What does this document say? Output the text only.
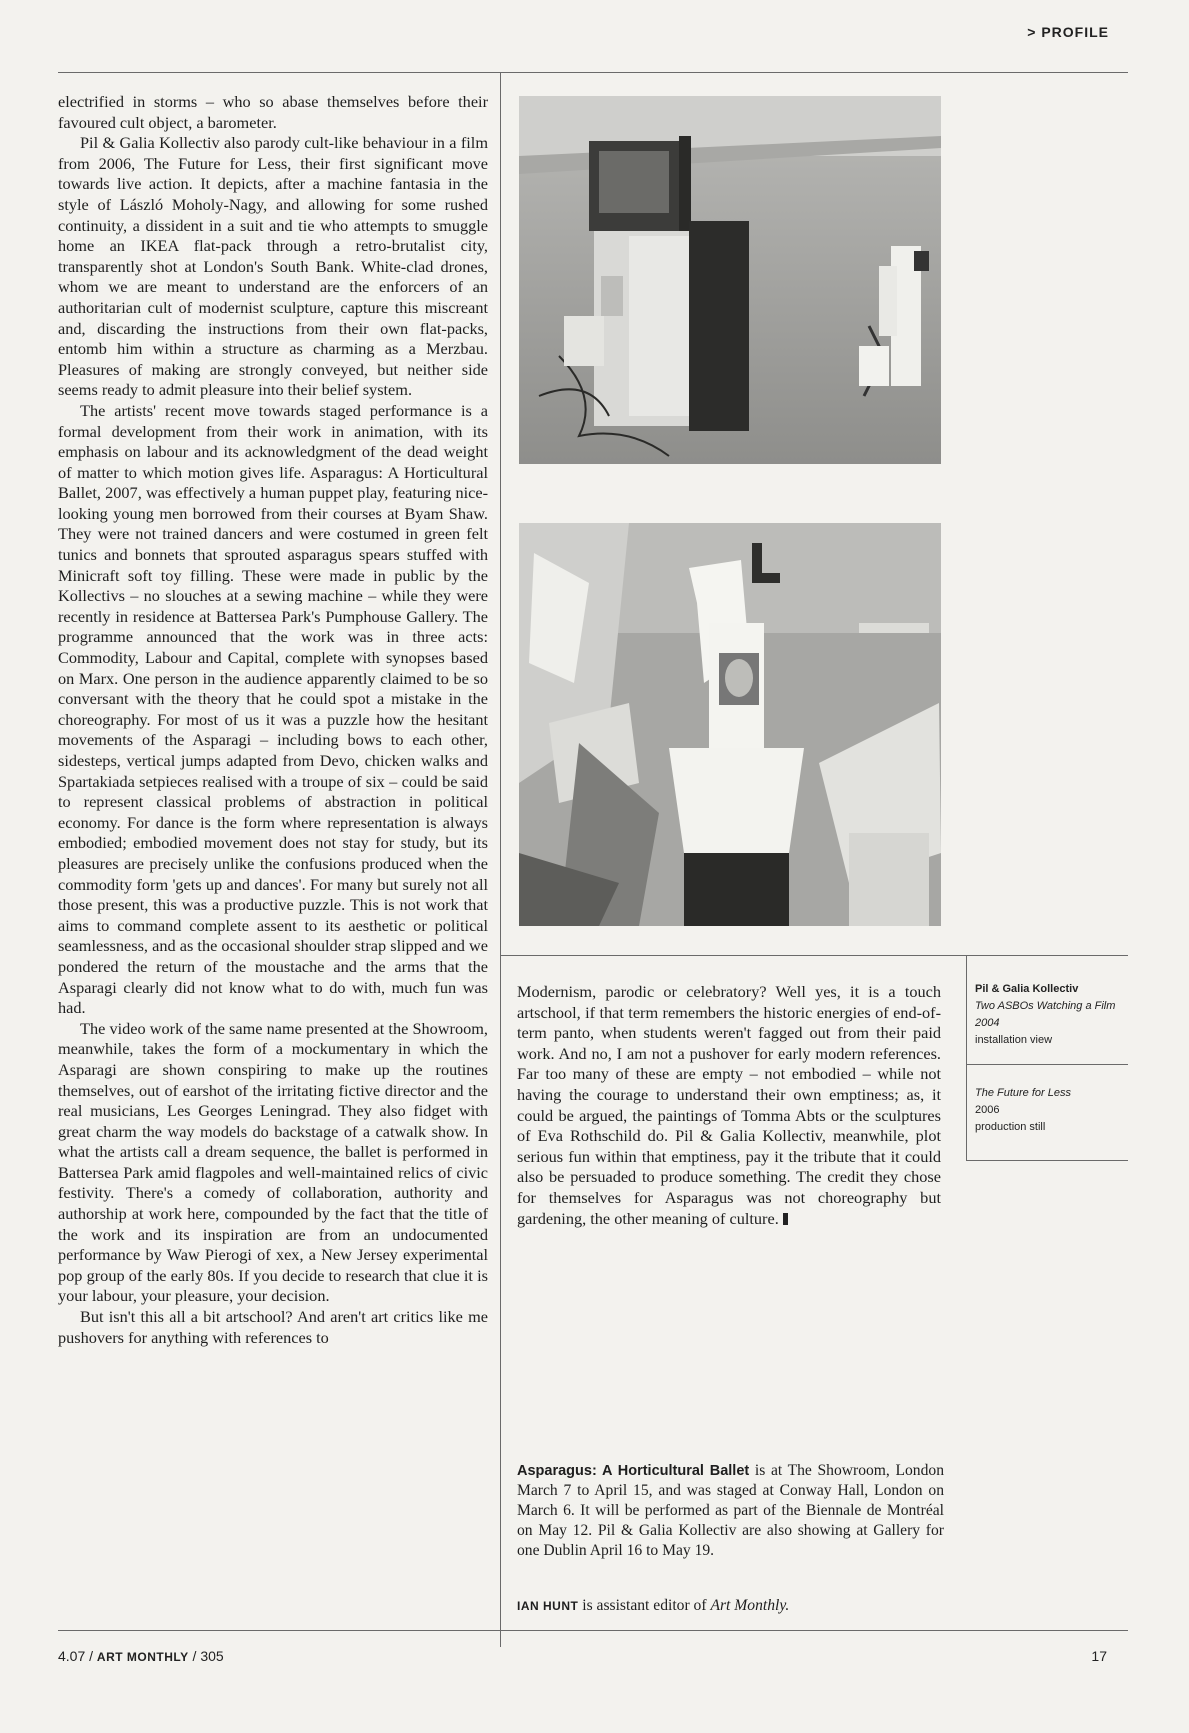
> PROFILE

electrified in storms – who so abase themselves before their favoured cult object, a barometer.

Pil & Galia Kollectiv also parody cult-like behaviour in a film from 2006, The Future for Less, their first significant move towards live action. It depicts, after a machine fantasia in the style of László Moholy-Nagy, and allowing for some rushed continuity, a dissident in a suit and tie who attempts to smuggle home an IKEA flat-pack through a retro-brutalist city, transparently shot at London's South Bank. White-clad drones, whom we are meant to understand are the enforcers of an authoritarian cult of modernist sculpture, capture this miscreant and, discarding the instructions from their own flat-packs, entomb him within a structure as charming as a Merzbau. Pleasures of making are strongly conveyed, but neither side seems ready to admit pleasure into their belief system.

The artists' recent move towards staged performance is a formal development from their work in animation, with its emphasis on labour and its acknowledgment of the dead weight of matter to which motion gives life. Asparagus: A Horticultural Ballet, 2007, was effectively a human puppet play, featuring nice-looking young men borrowed from their courses at Byam Shaw. They were not trained dancers and were costumed in green felt tunics and bonnets that sprouted asparagus spears stuffed with Minicraft soft toy filling. These were made in public by the Kollectivs – no slouches at a sewing machine – while they were recently in residence at Battersea Park's Pumphouse Gallery. The programme announced that the work was in three acts: Commodity, Labour and Capital, complete with synopses based on Marx. One person in the audience apparently claimed to be so conversant with the theory that he could spot a mistake in the choreography. For most of us it was a puzzle how the hesitant movements of the Asparagi – including bows to each other, sidesteps, vertical jumps adapted from Devo, chicken walks and Spartakiada setpieces realised with a troupe of six – could be said to represent classical problems of abstraction in political economy. For dance is the form where representation is always embodied; embodied movement does not stay for study, but its pleasures are precisely unlike the confusions produced when the commodity form 'gets up and dances'. For many but surely not all those present, this was a productive puzzle. This is not work that aims to command complete assent to its aesthetic or political seamlessness, and as the occasional shoulder strap slipped and we pondered the return of the moustache and the arms that the Asparagi clearly did not know what to do with, much fun was had.

The video work of the same name presented at the Showroom, meanwhile, takes the form of a mockumentary in which the Asparagi are shown conspiring to make up the routines themselves, out of earshot of the irritating fictive director and the real musicians, Les Georges Leningrad. They also fidget with great charm the way models do backstage of a catwalk show. In what the artists call a dream sequence, the ballet is performed in Battersea Park amid flagpoles and well-maintained relics of civic festivity. There's a comedy of collaboration, authority and authorship at work here, compounded by the fact that the title of the work and its inspiration are from an undocumented performance by Waw Pierogi of xex, a New Jersey experimental pop group of the early 80s. If you decide to research that clue it is your labour, your pleasure, your decision.

But isn't this all a bit artschool? And aren't art critics like me pushovers for anything with references to

Modernism, parodic or celebratory? Well yes, it is a touch artschool, if that term remembers the historic energies of end-of-term panto, when students weren't fagged out from their paid work. And no, I am not a pushover for early modern references. Far too many of these are empty – not embodied – while not having the courage to understand their own emptiness; as, it could be argued, the paintings of Tomma Abts or the sculptures of Eva Rothschild do. Pil & Galia Kollectiv, meanwhile, plot serious fun within that emptiness, pay it the tribute that it could also be persuaded to produce something. The credit they chose for themselves for Asparagus was not choreography but gardening, the other meaning of culture.

Pil & Galia Kollectiv
Two ASBOs Watching a Film 2004
installation view
The Future for Less
2006
production still

Asparagus: A Horticultural Ballet is at The Showroom, London March 7 to April 15, and was staged at Conway Hall, London on March 6. It will be performed as part of the Biennale de Montréal on May 12. Pil & Galia Kollectiv are also showing at Gallery for one Dublin April 16 to May 19.

IAN HUNT is assistant editor of Art Monthly.
4.07 / ART MONTHLY / 305	17
